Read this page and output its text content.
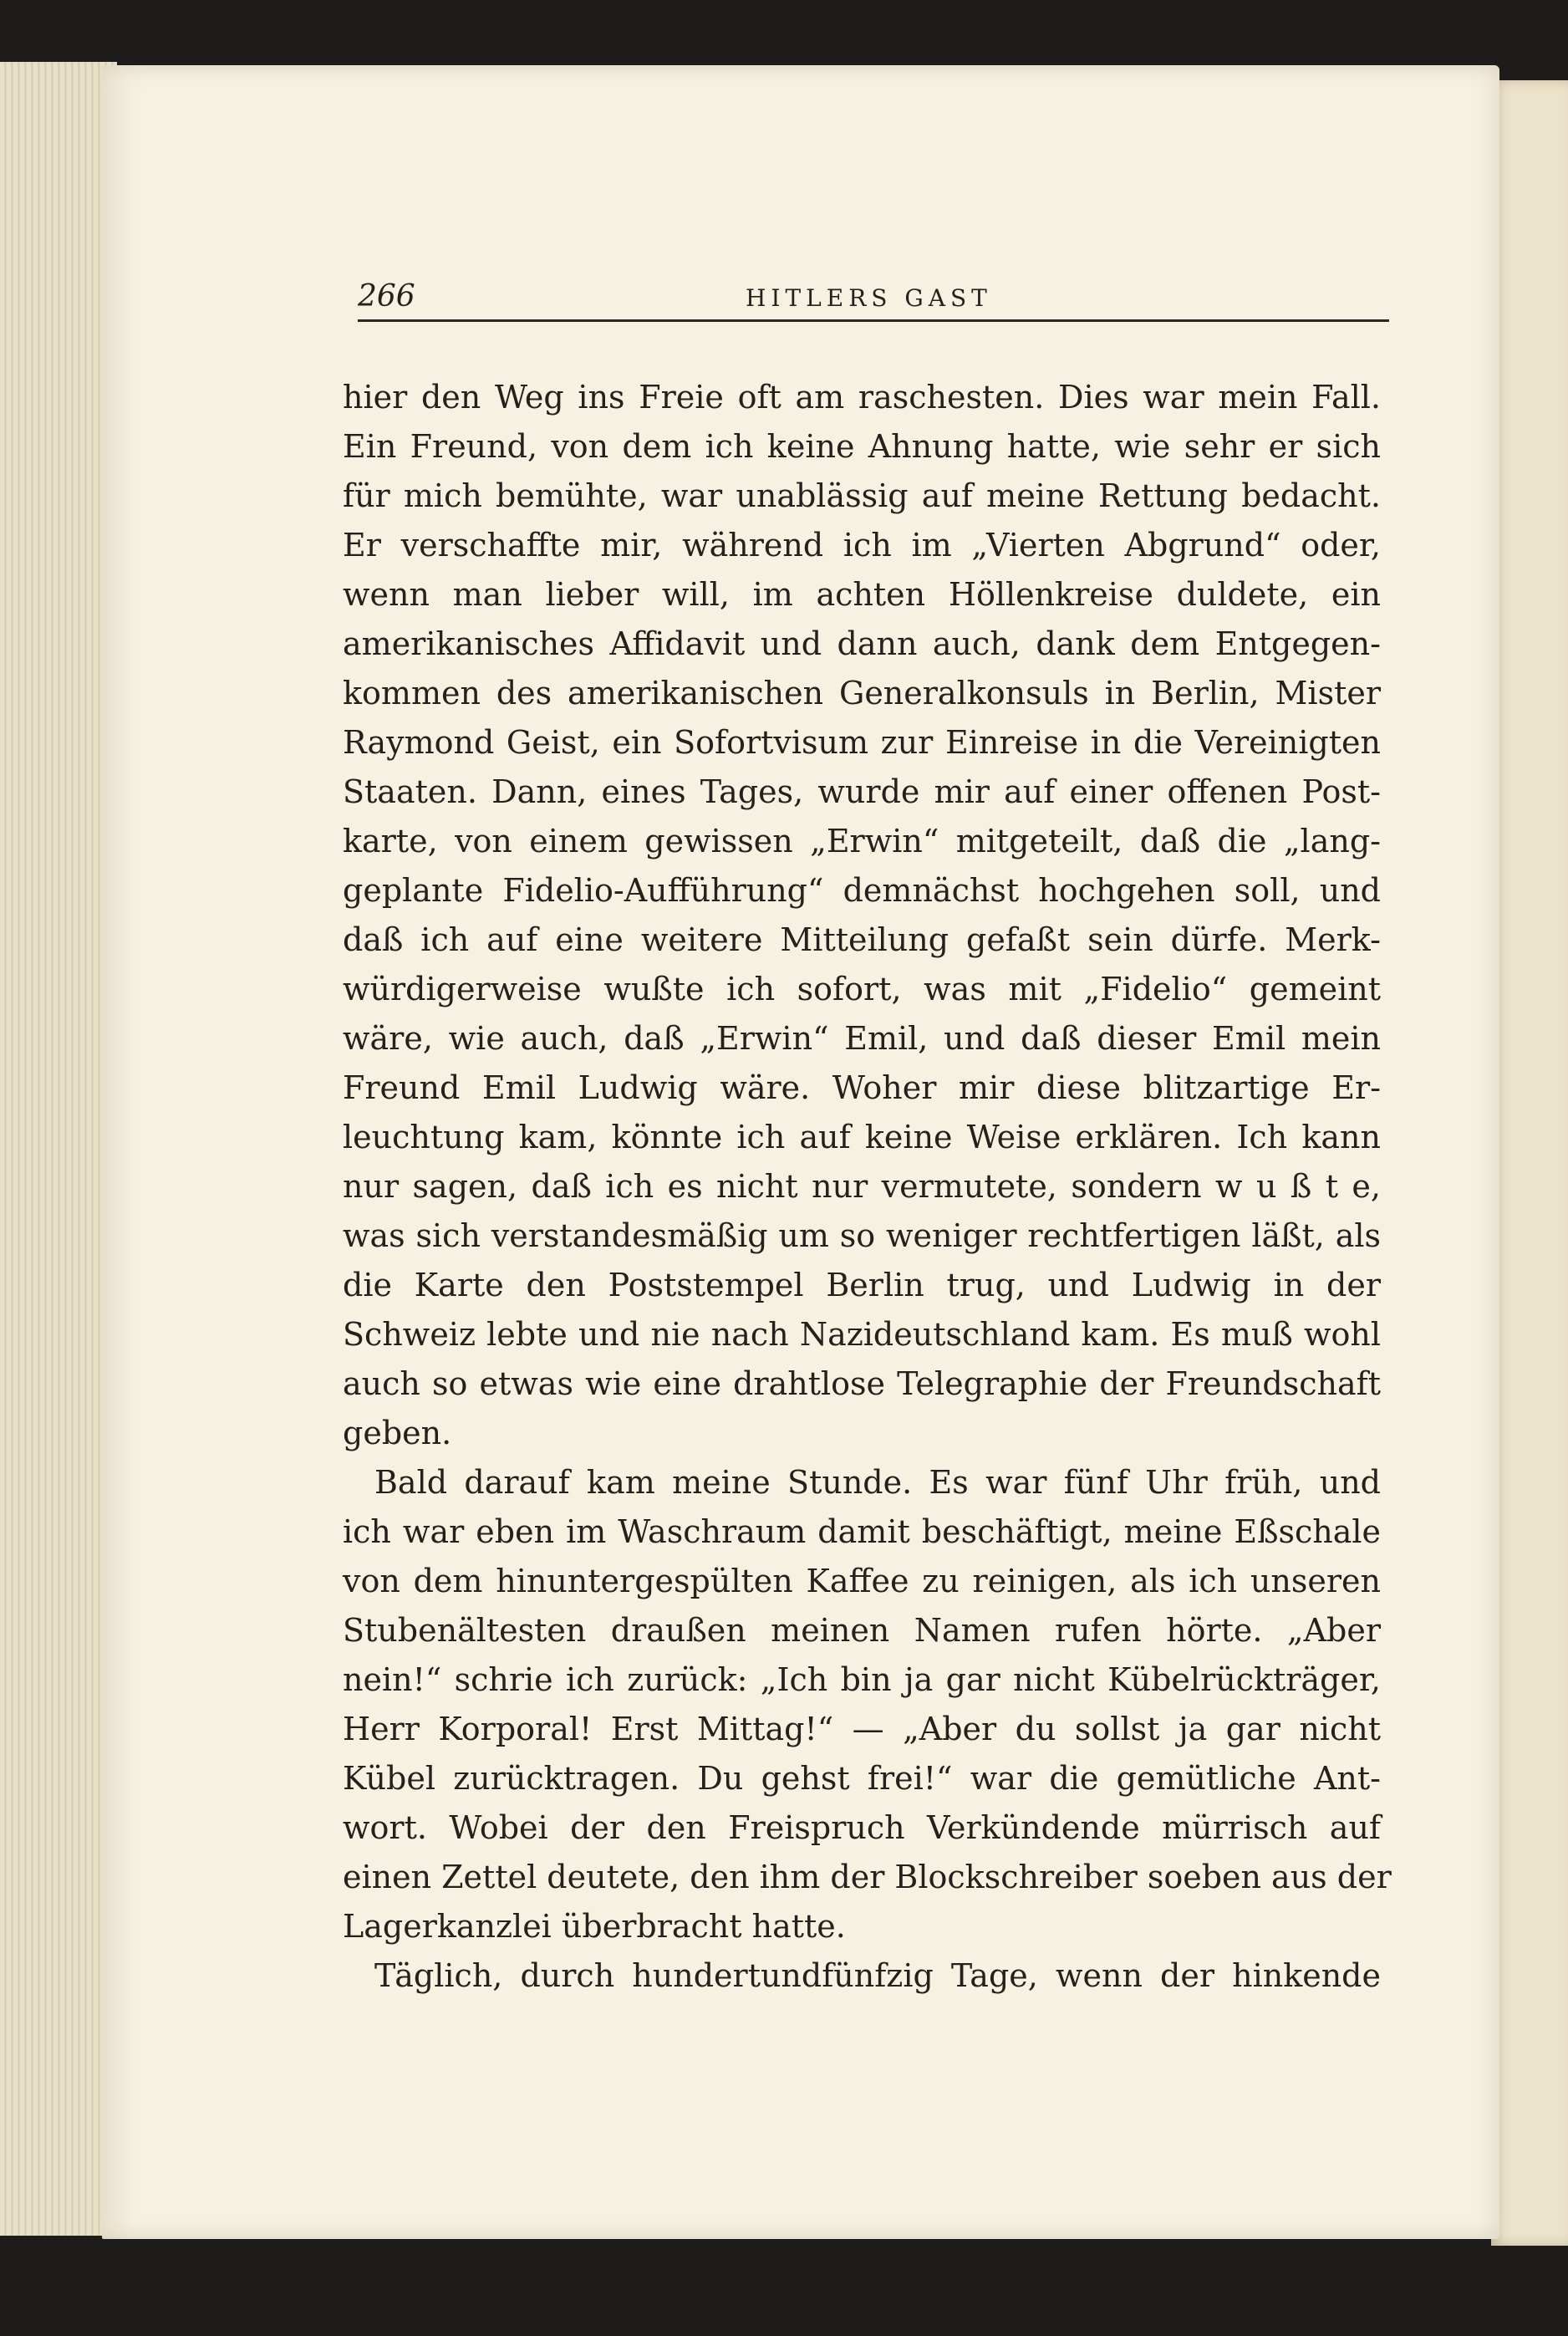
266	HITLERS GAST
hier den Weg ins Freie oft am raschesten. Dies war mein Fall.
Ein Freund, von dem ich keine Ahnung hatte, wie sehr er sich
für mich bemühte, war unablässig auf meine Rettung bedacht.
Er verschaffte mir, während ich im „Vierten Abgrund“ oder,
wenn man lieber will, im achten Höllenkreise duldete, ein
amerikanisches Affidavit und dann auch, dank dem Entgegen-
kommen des amerikanischen Generalkonsuls in Berlin, Mister
Raymond Geist, ein Sofortvisum zur Einreise in die Vereinigten
Staaten. Dann, eines Tages, wurde mir auf einer offenen Post-
karte, von einem gewissen „Erwin“ mitgeteilt, daß die „lang-
geplante Fidelio-Aufführung“ demnächst hochgehen soll, und
daß ich auf eine weitere Mitteilung gefaßt sein dürfe. Merk-
würdigerweise wußte ich sofort, was mit „Fidelio“ gemeint
wäre, wie auch, daß „Erwin“ Emil, und daß dieser Emil mein
Freund Emil Ludwig wäre. Woher mir diese blitzartige Er-
leuchtung kam, könnte ich auf keine Weise erklären. Ich kann
nur sagen, daß ich es nicht nur vermutete, sondern w u ß t e,
was sich verstandesmäßig um so weniger rechtfertigen läßt, als
die Karte den Poststempel Berlin trug, und Ludwig in der
Schweiz lebte und nie nach Nazideutschland kam. Es muß wohl
auch so etwas wie eine drahtlose Telegraphie der Freundschaft
geben.
Bald darauf kam meine Stunde. Es war fünf Uhr früh, und
ich war eben im Waschraum damit beschäftigt, meine Eßschale
von dem hinuntergespülten Kaffee zu reinigen, als ich unseren
Stubenältesten draußen meinen Namen rufen hörte. „Aber
nein!“ schrie ich zurück: „Ich bin ja gar nicht Kübelrückträger,
Herr Korporal! Erst Mittag!“ — „Aber du sollst ja gar nicht
Kübel zurücktragen. Du gehst frei!“ war die gemütliche Ant-
wort. Wobei der den Freispruch Verkündende mürrisch auf
einen Zettel deutete, den ihm der Blockschreiber soeben aus der
Lagerkanzlei überbracht hatte.
Täglich, durch hundertundfünfzig Tage, wenn der hinkende
